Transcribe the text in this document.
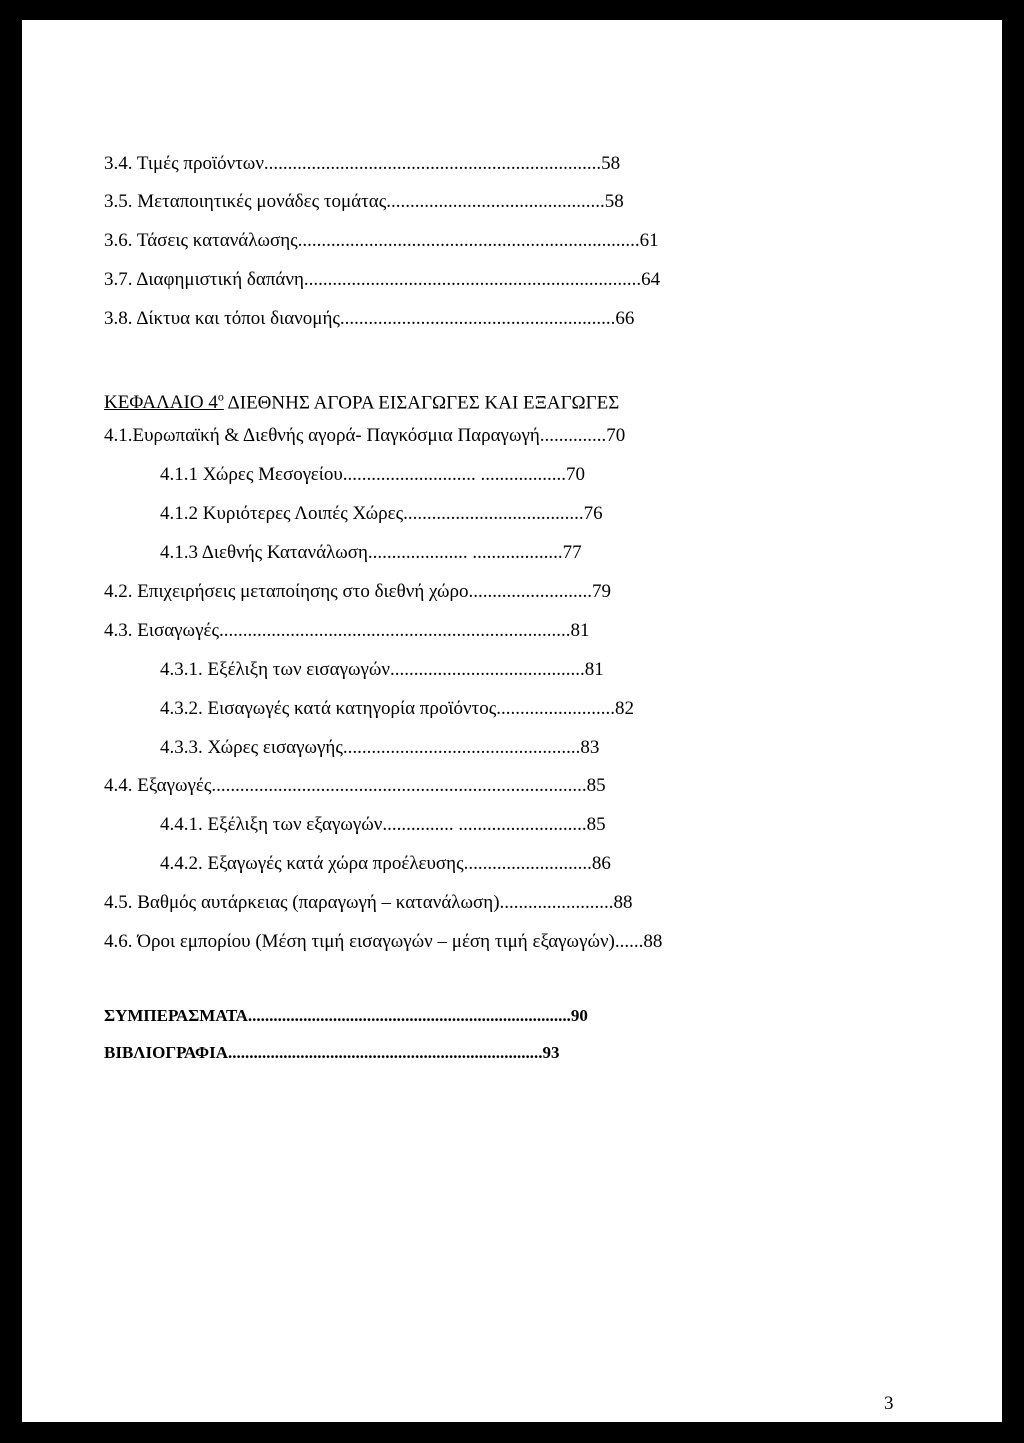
3.4. Τιμές προϊόντων.......................................................................58
3.5. Μεταποιητικές μονάδες τομάτας..............................................58
3.6. Τάσεις κατανάλωσης........................................................................61
3.7. Διαφημιστική δαπάνη.......................................................................64
3.8. Δίκτυα και τόποι διανομής..........................................................66
ΚΕΦΑΛΑΙΟ $4^o$ ΔΙΕΘΝΗΣ ΑΓΟΡΑ ΕΙΣΑΓΩΓΕΣ ΚΑΙ ΕΞΑΓΩΓΕΣ
4.1.Ευρωπαϊκή & Διεθνής αγορά- Παγκόσμια Παραγωγή..............70
4.1.1 Χώρες Μεσογείου............................ ..................70
4.1.2 Κυριότερες Λοιπές Χώρες......................................76
4.1.3 Διεθνής Κατανάλωση..................... ...................77
4.2. Επιχειρήσεις μεταποίησης στο διεθνή χώρο..........................79
4.3. Εισαγωγές..........................................................................81
4.3.1. Εξέλιξη των εισαγωγών.........................................81
4.3.2. Εισαγωγές κατά κατηγορία προϊόντος.........................82
4.3.3. Χώρες εισαγωγής..................................................83
4.4. Εξαγωγές...............................................................................85
4.4.1. Εξέλιξη των εξαγωγών............... ...........................85
4.4.2. Εξαγωγές κατά χώρα προέλευσης...........................86
4.5. Βαθμός αυτάρκειας (παραγωγή – κατανάλωση)........................88
4.6. Όροι εμπορίου (Μέση τιμή εισαγωγών – μέση τιμή εξαγωγών)......88
ΣΥΜΠΕΡΑΣΜΑΤΑ............................................................................90
ΒΙΒΛΙΟΓΡΑΦΙΑ..........................................................................93
3
